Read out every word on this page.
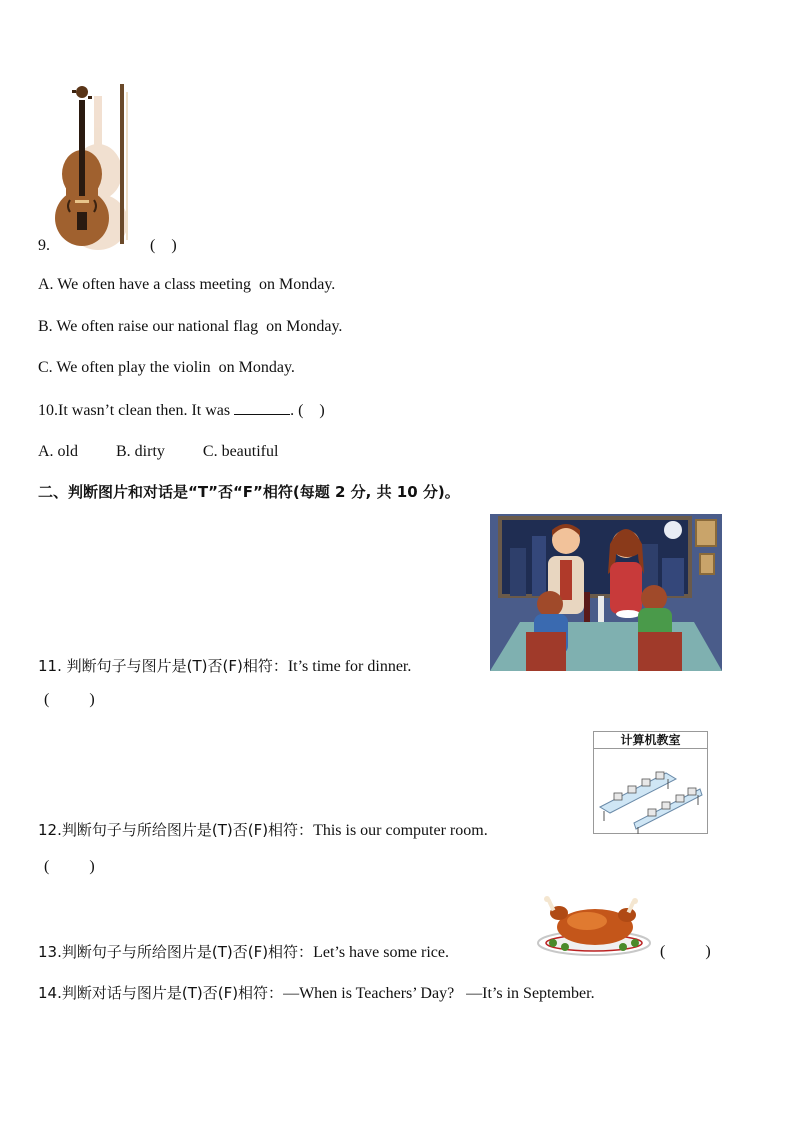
9.	(    )
A. We often have a class meeting  on Monday.
B. We often raise our national flag  on Monday.
C. We often play the violin  on Monday.
10.It wasn’t clean then. It was	. (    )
A. old B. dirty C. beautiful
二、判断图片和对话是“T”否“F”相符(每题 2 分, 共 10 分)。
11. 判断句子与图片是(T)否(F)相符：It’s time for dinner.
(          )
计算机教室
12.判断句子与所给图片是(T)否(F)相符：This is our computer room.
(          )
13.判断句子与所给图片是(T)否(F)相符：Let’s have some rice.	(          )
14.判断对话与图片是(T)否(F)相符：—When is Teachers’ Day?   —It’s in September.
